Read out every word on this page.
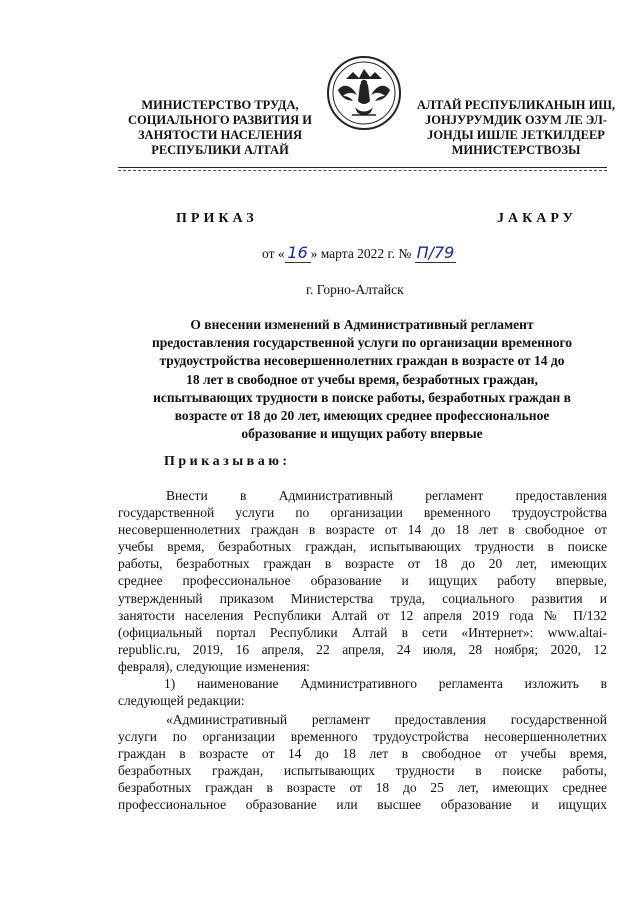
МИНИСТЕРСТВО ТРУДА,
СОЦИАЛЬНОГО РАЗВИТИЯ И
ЗАНЯТОСТИ НАСЕЛЕНИЯ
РЕСПУБЛИКИ АЛТАЙ
АЛТАЙ РЕСПУБЛИКАНЫН ИШ,
ЈОНЈУРУМДИК ОЗУМ ЛЕ ЭЛ-
ЈОНДЫ ИШЛЕ ЈЕТКИЛДЕЕР
МИНИСТЕРСТВОЗЫ
ПРИКАЗ	ЈАКАРУ
от « 16 » марта 2022 г. № П/79
г. Горно-Алтайск
О внесении изменений в Административный регламент
предоставления государственной услуги по организации временного
трудоустройства несовершеннолетних граждан в возрасте от 14 до
18 лет в свободное от учебы время, безработных граждан,
испытывающих трудности в поиске работы, безработных граждан в
возрасте от 18 до 20 лет, имеющих среднее профессиональное
образование и ищущих работу впервые
Приказываю:
Внести в Административный регламент предоставления
государственной услуги по организации временного трудоустройства
несовершеннолетних граждан в возрасте от 14 до 18 лет в свободное от
учебы время, безработных граждан, испытывающих трудности в поиске
работы, безработных граждан в возрасте от 18 до 20 лет, имеющих
среднее профессиональное образование и ищущих работу впервые,
утвержденный приказом Министерства труда, социального развития и
занятости населения Республики Алтай от 12 апреля 2019 года № П/132
(официальный портал Республики Алтай в сети «Интернет»: www.altai-
republic.ru, 2019, 16 апреля, 22 апреля, 24 июля, 28 ноября; 2020, 12
февраля), следующие изменения:
1) наименование Административного регламента изложить в
следующей редакции:
«Административный регламент предоставления государственной
услуги по организации временного трудоустройства несовершеннолетних
граждан в возрасте от 14 до 18 лет в свободное от учебы время,
безработных граждан, испытывающих трудности в поиске работы,
безработных граждан в возрасте от 18 до 25 лет, имеющих среднее
профессиональное образование или высшее образование и ищущих
